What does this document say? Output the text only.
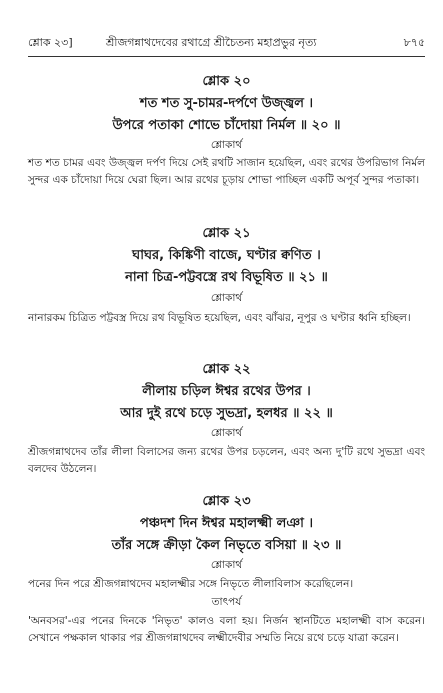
শ্লোক ২৩]	শ্রীজগন্নাথদেবের রথাগ্রে শ্রীচৈতন্য মহাপ্রভুর নৃত্য	৮৭৫
শ্লোক ২০
শত শত সু-চামর-দর্পণে উজ্জ্বল ।
উপরে পতাকা শোভে চাঁদোয়া নির্মল ॥ ২০ ॥
শ্লোকার্থ
শত শত চামর এবং উজ্জ্বল দর্পণ দিয়ে সেই রথটি সাজান হয়েছিল, এবং রথের উপরিভাগ নির্মল সুন্দর এক চাঁদোয়া দিয়ে ঘেরা ছিল। আর রথের চূড়ায় শোভা পাচ্ছিল একটি অপূর্ব সুন্দর পতাকা।
শ্লোক ২১
ঘাঘর, কিঙ্কিণী বাজে, ঘণ্টার ক্বণিত ।
নানা চিত্র-পট্টবস্ত্রে রথ বিভূষিত ॥ ২১ ॥
শ্লোকার্থ
নানারকম চিত্রিত পট্টবস্ত্র দিয়ে রথ বিভূষিত হয়েছিল, এবং ঝাঁঝর, নূপুর ও ঘণ্টার ধ্বনি হচ্ছিল।
শ্লোক ২২
লীলায় চড়িল ঈশ্বর রথের উপর ।
আর দুই রথে চড়ে সুভদ্রা, হলধর ॥ ২২ ॥
শ্লোকার্থ
শ্রীজগন্নাথদেব তাঁর লীলা বিলাসের জন্য রথের উপর চড়লেন, এবং অন্য দু'টি রথে সুভদ্রা এবং বলদেব উঠলেন।
শ্লোক ২৩
পঞ্চদশ দিন ঈশ্বর মহালক্ষ্মী লঞা ।
তাঁর সঙ্গে ক্রীড়া কৈল নিভৃতে বসিয়া ॥ ২৩ ॥
শ্লোকার্থ
পনের দিন পরে শ্রীজগন্নাথদেব মহালক্ষ্মীর সঙ্গে নিভৃতে লীলাবিলাস করেছিলেন।
তাৎপর্য
'অনবসর'-এর পনের দিনকে 'নিভৃত' কালও বলা হয়। নির্জন স্থানটিতে মহালক্ষ্মী বাস করেন। সেখানে পক্ষকাল থাকার পর শ্রীজগন্নাথদেব লক্ষ্মীদেবীর সম্মতি নিয়ে রথে চড়ে যাত্রা করেন।
